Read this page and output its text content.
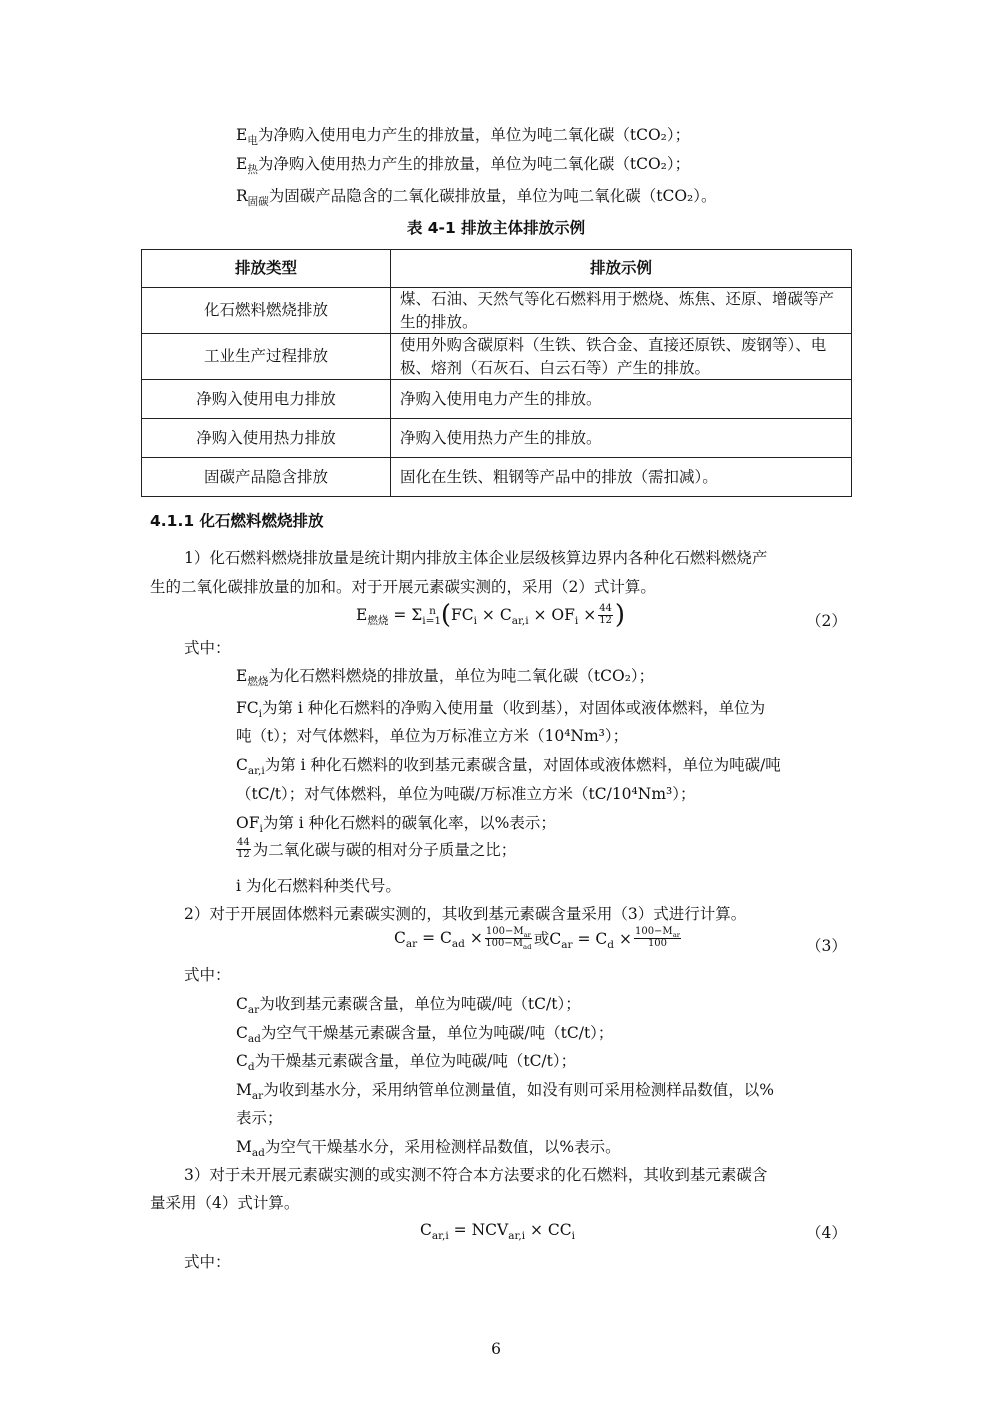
$E_电$为净购入使用电力产生的排放量，单位为吨二氧化碳（tCO₂）；
$E_热$为净购入使用热力产生的排放量，单位为吨二氧化碳（tCO₂）；
$R_{固碳}$为固碳产品隐含的二氧化碳排放量，单位为吨二氧化碳（tCO₂）。
表 4-1 排放主体排放示例
排放类型	排放示例
化石燃料燃烧排放	煤、石油、天然气等化石燃料用于燃烧、炼焦、还原、增碳等产生的排放。
工业生产过程排放	使用外购含碳原料（生铁、铁合金、直接还原铁、废钢等）、电极、熔剂（石灰石、白云石等）产生的排放。
净购入使用电力排放	净购入使用电力产生的排放。
净购入使用热力排放	净购入使用热力产生的排放。
固碳产品隐含排放	固化在生铁、粗钢等产品中的排放（需扣减）。
4.1.1 化石燃料燃烧排放
1）化石燃料燃烧排放量是统计期内排放主体企业层级核算边界内各种化石燃料燃烧产
生的二氧化碳排放量的加和。对于开展元素碳实测的，采用（2）式计算。
$E_{燃烧} = \Sigma_{i=1}^n$ ( $FC_i \times C_{ar,i} \times OF_i \times \frac{44}{12}$ )	（2）
式中：
$E_{燃烧}$为化石燃料燃烧的排放量，单位为吨二氧化碳（tCO₂）；
$FC_i$为第 i 种化石燃料的净购入使用量（收到基），对固体或液体燃料，单位为
吨（t）；对气体燃料，单位为万标准立方米（10⁴Nm³）；
$C_{ar,i}$为第 i 种化石燃料的收到基元素碳含量，对固体或液体燃料，单位为吨碳/吨
（tC/t）；对气体燃料，单位为吨碳/万标准立方米（tC/10⁴Nm³）；
$OF_i$为第 i 种化石燃料的碳氧化率，以%表示；
$\frac{44}{12}$ 为二氧化碳与碳的相对分子质量之比；
i 为化石燃料种类代号。
2）对于开展固体燃料元素碳实测的，其收到基元素碳含量采用（3）式进行计算。
$C_{ar} = C_{ad} \times \frac{100-M_{ar}}{100-M_{ad}}$ 或$C_{ar} = C_d \times \frac{100-M_{ar}}{100}$	（3）
式中：
$C_{ar}$为收到基元素碳含量，单位为吨碳/吨（tC/t）；
$C_{ad}$为空气干燥基元素碳含量，单位为吨碳/吨（tC/t）；
$C_d$为干燥基元素碳含量，单位为吨碳/吨（tC/t）；
$M_{ar}$为收到基水分，采用纳管单位测量值，如没有则可采用检测样品数值，以%
表示；
$M_{ad}$为空气干燥基水分，采用检测样品数值，以%表示。
3）对于未开展元素碳实测的或实测不符合本方法要求的化石燃料，其收到基元素碳含
量采用（4）式计算。
$C_{ar,i} = NCV_{ar,i} \times CC_i$	（4）
式中：
6
